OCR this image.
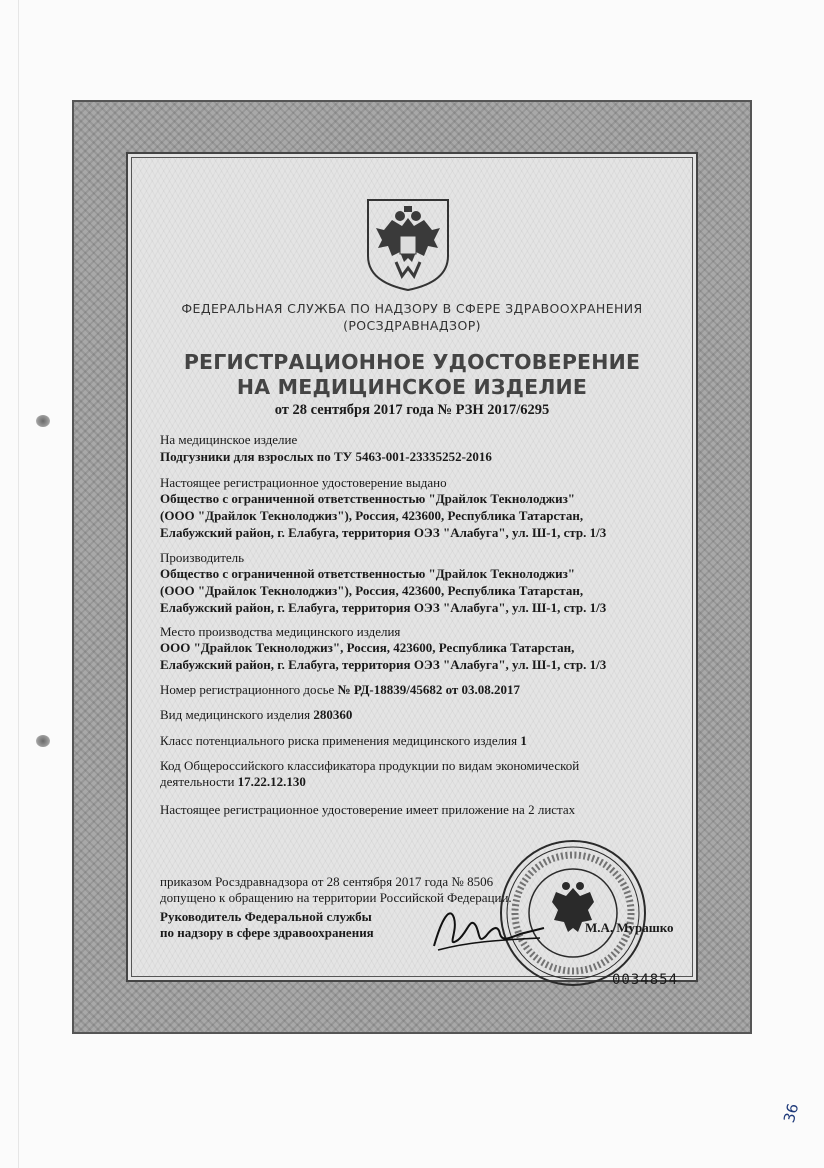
ФЕДЕРАЛЬНАЯ СЛУЖБА ПО НАДЗОРУ В СФЕРЕ ЗДРАВООХРАНЕНИЯ
(РОСЗДРАВНАДЗОР)
РЕГИСТРАЦИОННОЕ УДОСТОВЕРЕНИЕ
НА МЕДИЦИНСКОЕ ИЗДЕЛИЕ
от 28 сентября 2017 года № РЗН 2017/6295
На медицинское изделие
Подгузники для взрослых по ТУ 5463-001-23335252-2016
Настоящее регистрационное удостоверение выдано
Общество с ограниченной ответственностью "Драйлок Текнолоджиз"
(ООО "Драйлок Текнолоджиз"), Россия, 423600, Республика Татарстан,
Елабужский район, г. Елабуга, территория ОЭЗ "Алабуга", ул. Ш-1, стр. 1/3
Производитель
Общество с ограниченной ответственностью "Драйлок Текнолоджиз"
(ООО "Драйлок Текнолоджиз"), Россия, 423600, Республика Татарстан,
Елабужский район, г. Елабуга, территория ОЭЗ "Алабуга", ул. Ш-1, стр. 1/3
Место производства медицинского изделия
ООО "Драйлок Текнолоджиз", Россия, 423600, Республика Татарстан,
Елабужский район, г. Елабуга, территория ОЭЗ "Алабуга", ул. Ш-1, стр. 1/3
Номер регистрационного досье № РД-18839/45682 от 03.08.2017
Вид медицинского изделия 280360
Класс потенциального риска применения медицинского изделия 1
Код Общероссийского классификатора продукции по видам экономической
деятельности 17.22.12.130
Настоящее регистрационное удостоверение имеет приложение на 2 листах
приказом Росздравнадзора от 28 сентября 2017 года № 8506
допущено к обращению на территории Российской Федерации.
Руководитель Федеральной службы
по надзору в сфере здравоохранения	М.А. Мурашко
0034854
36
